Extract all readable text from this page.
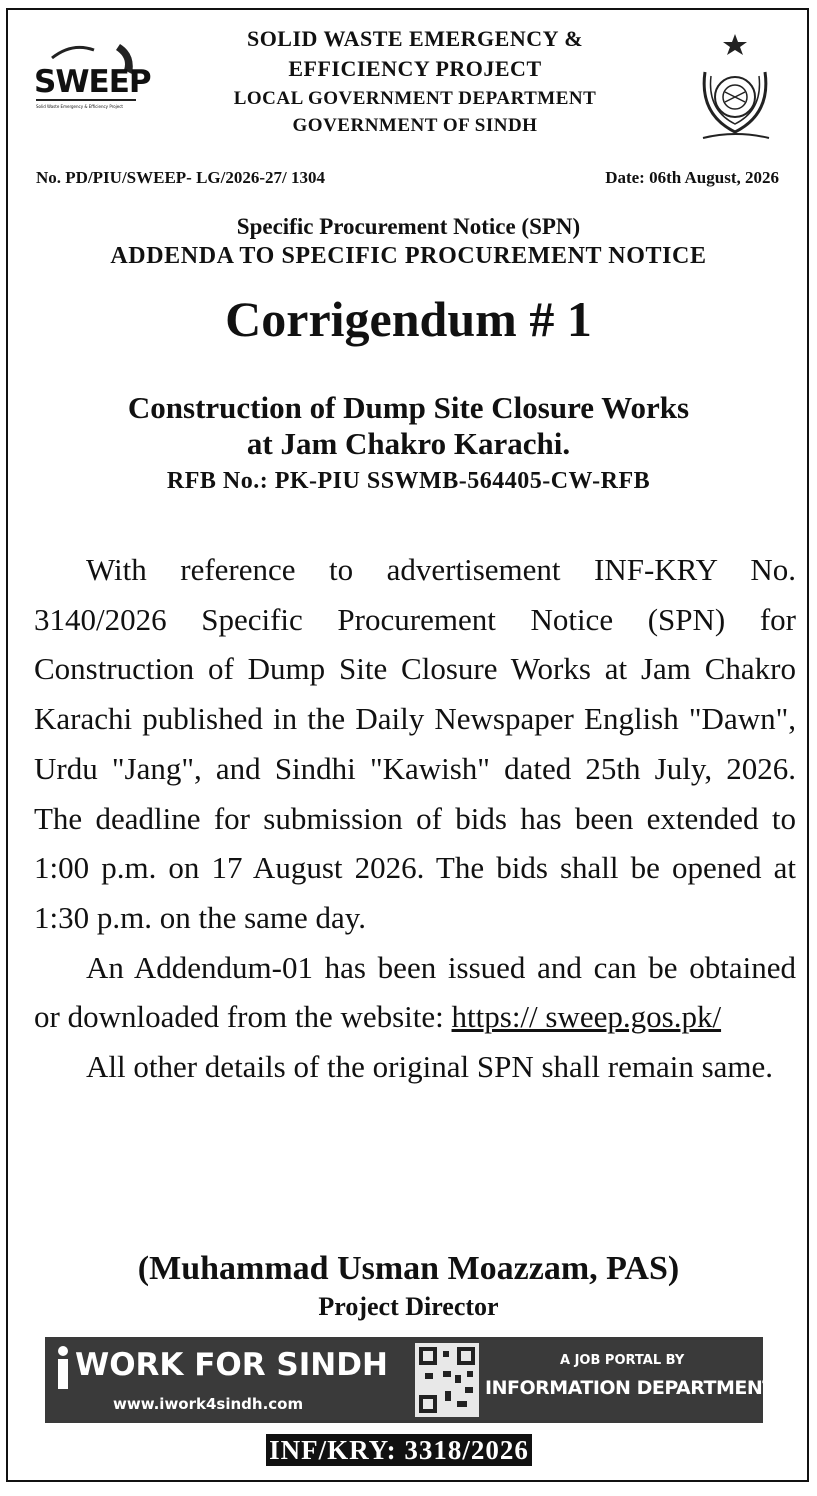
SWEEP
Solid Waste Emergency & Efficiency Project
SOLID WASTE EMERGENCY &
EFFICIENCY PROJECT
LOCAL GOVERNMENT DEPARTMENT
GOVERNMENT OF SINDH
No. PD/PIU/SWEEP- LG/2026-27/ 1304	Date: 06th August, 2026
Specific Procurement Notice (SPN)
ADDENDA TO SPECIFIC PROCUREMENT NOTICE
Corrigendum # 1
Construction of Dump Site Closure Works
at Jam Chakro Karachi.
RFB No.: PK-PIU SSWMB-564405-CW-RFB

With reference to advertisement INF-KRY No. 3140/2026 Specific Procurement Notice (SPN) for Construction of Dump Site Closure Works at Jam Chakro Karachi published in the Daily Newspaper English "Dawn", Urdu "Jang", and Sindhi "Kawish" dated 25th July, 2026. The deadline for submission of bids has been extended to 1:00 p.m. on 17 August 2026. The bids shall be opened at 1:30 p.m. on the same day.

An Addendum-01 has been issued and can be obtained or downloaded from the website: https:// sweep.gos.pk/

All other details of the original SPN shall remain same.

(Muhammad Usman Moazzam, PAS)
Project Director
WORK FOR SINDH
www.iwork4sindh.com
A JOB PORTAL BY
INFORMATION DEPARTMENT
INF/KRY: 3318/2026
